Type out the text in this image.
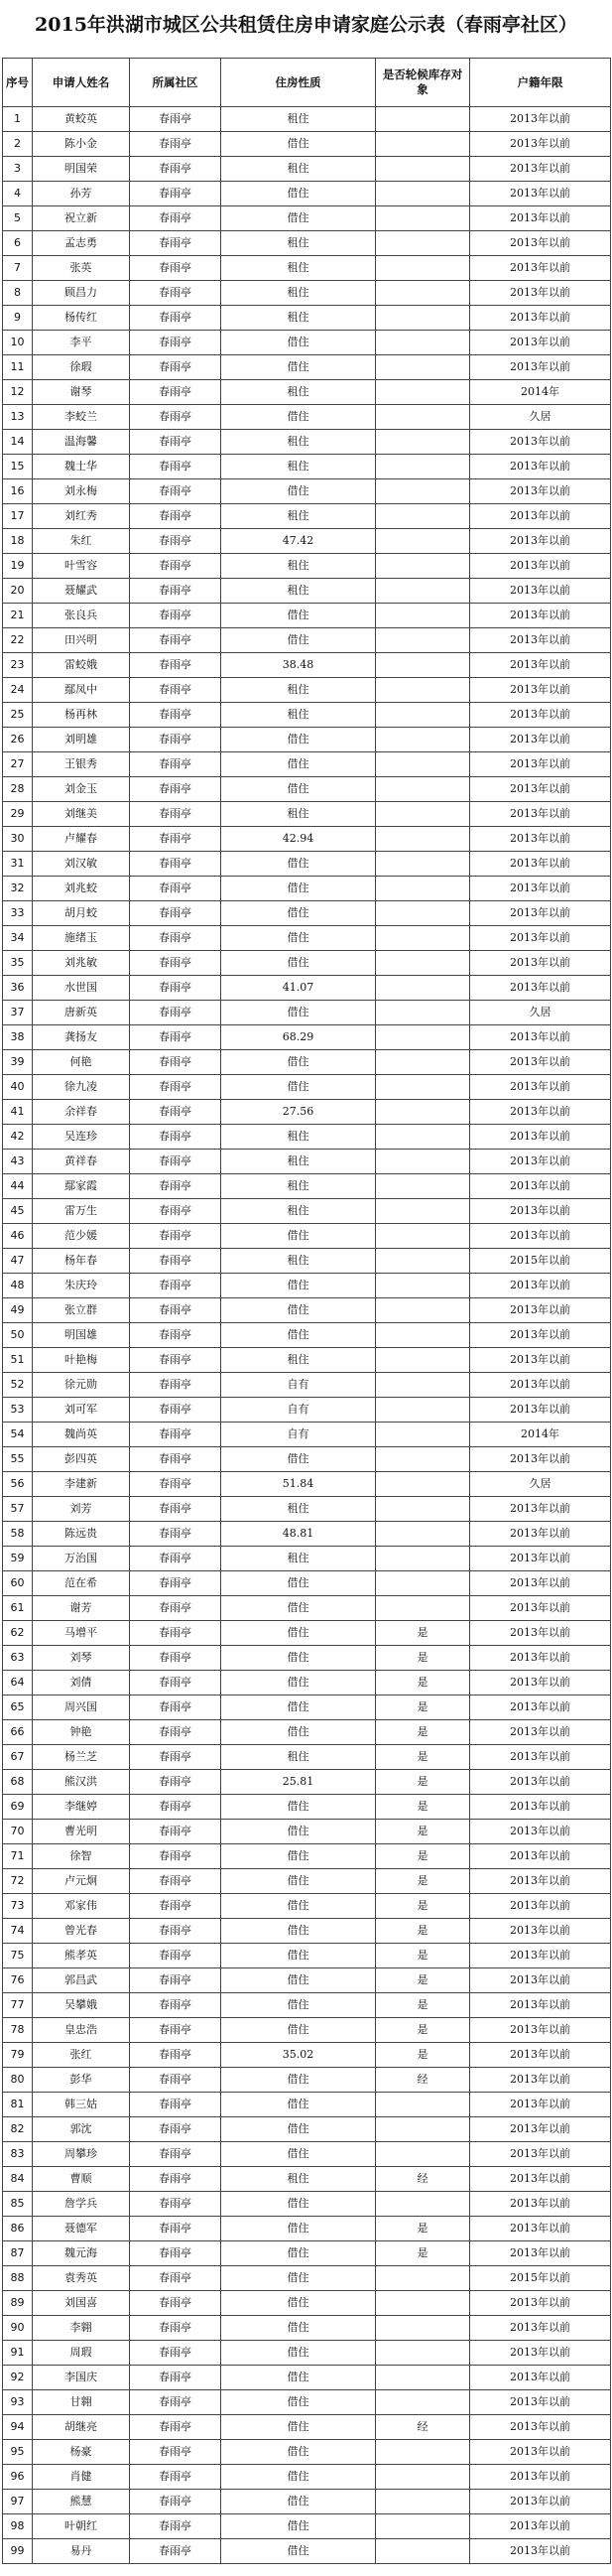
2015年洪湖市城区公共租赁住房申请家庭公示表（春雨亭社区）
序号	申请人姓名	所属社区	住房性质	是否轮候库存对象	户籍年限
1	黄蛟英	春雨亭	租住		2013年以前
2	陈小金	春雨亭	借住		2013年以前
3	明国荣	春雨亭	租住		2013年以前
4	孙芳	春雨亭	借住		2013年以前
5	祝立新	春雨亭	借住		2013年以前
6	孟志勇	春雨亭	租住		2013年以前
7	张英	春雨亭	租住		2013年以前
8	顾昌力	春雨亭	租住		2013年以前
9	杨传红	春雨亭	租住		2013年以前
10	李平	春雨亭	借住		2013年以前
11	徐瑕	春雨亭	借住		2013年以前
12	谢琴	春雨亭	租住		2014年
13	李蛟兰	春雨亭	借住		久居
14	温海馨	春雨亭	租住		2013年以前
15	魏士华	春雨亭	租住		2013年以前
16	刘永梅	春雨亭	借住		2013年以前
17	刘红秀	春雨亭	租住		2013年以前
18	朱红	春雨亭	47.42		2013年以前
19	叶雪容	春雨亭	租住		2013年以前
20	聂耀武	春雨亭	租住		2013年以前
21	张良兵	春雨亭	借住		2013年以前
22	田兴明	春雨亭	借住		2013年以前
23	雷蛟娥	春雨亭	38.48		2013年以前
24	鄢凤中	春雨亭	租住		2013年以前
25	杨再林	春雨亭	租住		2013年以前
26	刘明雄	春雨亭	借住		2013年以前
27	王银秀	春雨亭	借住		2013年以前
28	刘金玉	春雨亭	借住		2013年以前
29	刘继美	春雨亭	租住		2013年以前
30	卢耀春	春雨亭	42.94		2013年以前
31	刘汉敏	春雨亭	借住		2013年以前
32	刘兆蛟	春雨亭	借住		2013年以前
33	胡月蛟	春雨亭	借住		2013年以前
34	施绪玉	春雨亭	借住		2013年以前
35	刘兆敏	春雨亭	借住		2013年以前
36	水世国	春雨亭	41.07		2013年以前
37	唐新英	春雨亭	借住		久居
38	龚扬友	春雨亭	68.29		2013年以前
39	何艳	春雨亭	借住		2013年以前
40	徐九凌	春雨亭	借住		2013年以前
41	余祥春	春雨亭	27.56		2013年以前
42	吴连珍	春雨亭	租住		2013年以前
43	黄祥春	春雨亭	租住		2013年以前
44	鄢家霞	春雨亭	租住		2013年以前
45	雷万生	春雨亭	租住		2013年以前
46	范少媛	春雨亭	借住		2013年以前
47	杨年春	春雨亭	租住		2015年以前
48	朱庆玲	春雨亭	借住		2013年以前
49	张立群	春雨亭	借住		2013年以前
50	明国雄	春雨亭	借住		2013年以前
51	叶艳梅	春雨亭	租住		2013年以前
52	徐元勋	春雨亭	自有		2013年以前
53	刘可军	春雨亭	自有		2013年以前
54	魏尚英	春雨亭	自有		2014年
55	彭四英	春雨亭	借住		2013年以前
56	李建新	春雨亭	51.84		久居
57	刘芳	春雨亭	租住		2013年以前
58	陈远贵	春雨亭	48.81		2013年以前
59	万治国	春雨亭	租住		2013年以前
60	范在希	春雨亭	借住		2013年以前
61	谢芳	春雨亭	借住		2013年以前
62	马增平	春雨亭	借住	是	2013年以前
63	刘琴	春雨亭	借住	是	2013年以前
64	刘倩	春雨亭	借住	是	2013年以前
65	周兴国	春雨亭	借住	是	2013年以前
66	钟艳	春雨亭	借住	是	2013年以前
67	杨兰芝	春雨亭	租住	是	2013年以前
68	熊汉洪	春雨亭	25.81	是	2013年以前
69	李继婷	春雨亭	借住	是	2013年以前
70	曹光明	春雨亭	借住	是	2013年以前
71	徐智	春雨亭	借住	是	2013年以前
72	卢元炯	春雨亭	借住	是	2013年以前
73	邓家伟	春雨亭	借住	是	2013年以前
74	曾光春	春雨亭	借住	是	2013年以前
75	熊孝英	春雨亭	借住	是	2013年以前
76	郭昌武	春雨亭	借住	是	2013年以前
77	吴攀娥	春雨亭	借住	是	2013年以前
78	皇忠浩	春雨亭	借住	是	2013年以前
79	张红	春雨亭	35.02	是	2013年以前
80	彭华	春雨亭	借住	经	2013年以前
81	韩三姑	春雨亭	借住		2013年以前
82	郭沈	春雨亭	借住		2013年以前
83	周攀珍	春雨亭	借住		2013年以前
84	曹顺	春雨亭	租住	经	2013年以前
85	詹学兵	春雨亭	借住		2013年以前
86	聂德军	春雨亭	借住	是	2013年以前
87	魏元海	春雨亭	借住	是	2013年以前
88	袁秀英	春雨亭	借住		2015年以前
89	刘国喜	春雨亭	借住		2013年以前
90	李翱	春雨亭	借住		2013年以前
91	周瑕	春雨亭	借住		2013年以前
92	李国庆	春雨亭	借住		2013年以前
93	甘翱	春雨亭	借住		2013年以前
94	胡继亮	春雨亭	借住	经	2013年以前
95	杨豪	春雨亭	借住		2013年以前
96	肖健	春雨亭	借住		2013年以前
97	熊慧	春雨亭	借住		2013年以前
98	叶朝红	春雨亭	借住		2013年以前
99	易丹	春雨亭	借住		2013年以前
